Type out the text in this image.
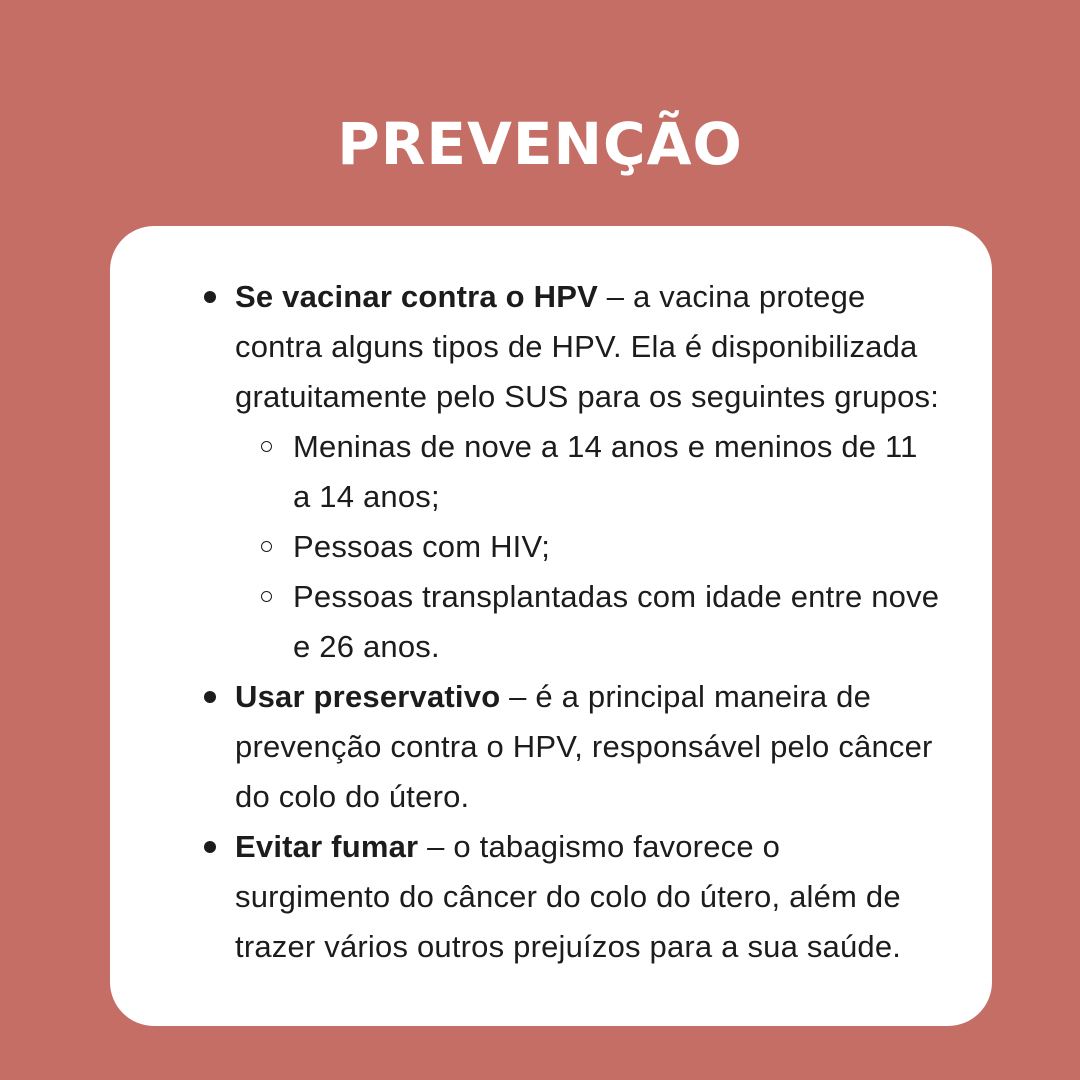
PREVENÇÃO
Se vacinar contra o HPV – a vacina protege contra alguns tipos de HPV. Ela é disponibilizada gratuitamente pelo SUS para os seguintes grupos:
Meninas de nove a 14 anos e meninos de 11 a 14 anos;
Pessoas com HIV;
Pessoas transplantadas com idade entre nove e 26 anos.
Usar preservativo – é a principal maneira de prevenção contra o HPV, responsável pelo câncer do colo do útero.
Evitar fumar – o tabagismo favorece o surgimento do câncer do colo do útero, além de trazer vários outros prejuízos para a sua saúde.
